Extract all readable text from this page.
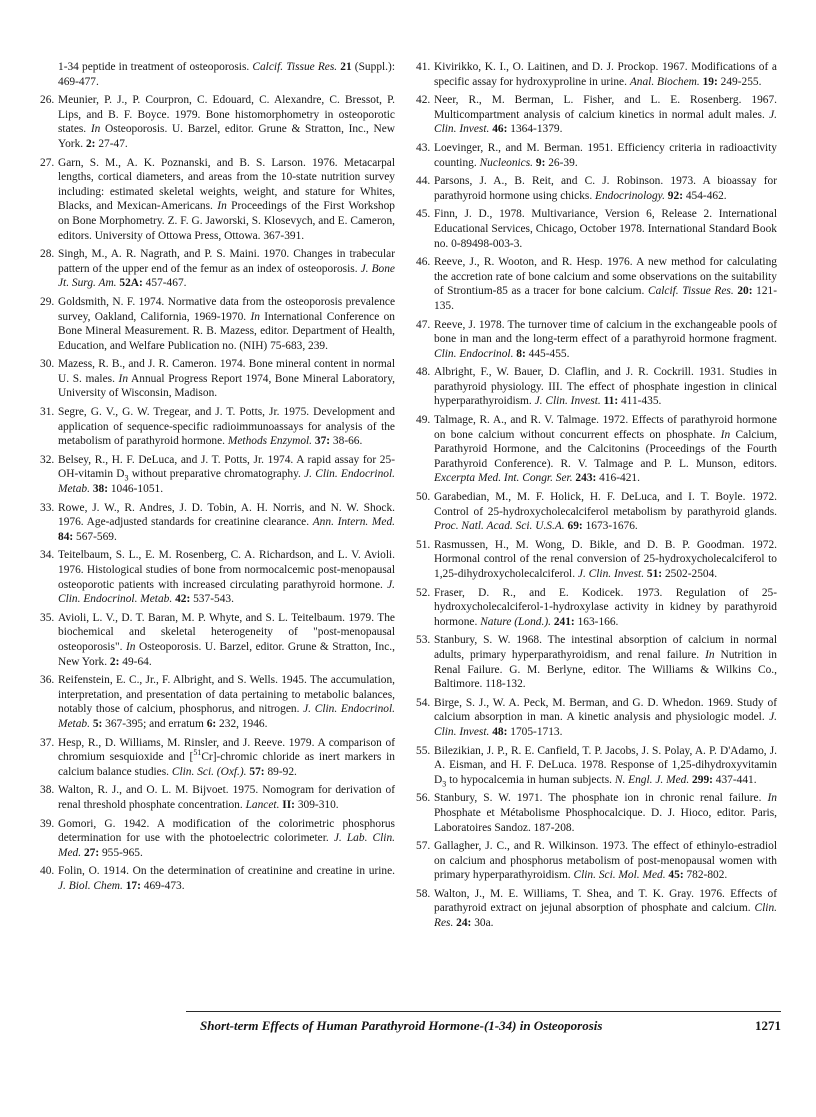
1-34 peptide in treatment of osteoporosis. Calcif. Tissue Res. 21 (Suppl.): 469-477.
26. Meunier, P. J., P. Courpron, C. Edouard, C. Alexandre, C. Bressot, P. Lips, and B. F. Boyce. 1979. Bone histomorphometry in osteoporotic states. In Osteoporosis. U. Barzel, editor. Grune & Stratton, Inc., New York. 2: 27-47.
27. Garn, S. M., A. K. Poznanski, and B. S. Larson. 1976. Metacarpal lengths, cortical diameters, and areas from the 10-state nutrition survey including: estimated skeletal weights, weight, and stature for Whites, Blacks, and Mexican-Americans. In Proceedings of the First Workshop on Bone Morphometry. Z. F. G. Jaworski, S. Klosevych, and E. Cameron, editors. University of Ottowa Press, Ottowa. 367-391.
28. Singh, M., A. R. Nagrath, and P. S. Maini. 1970. Changes in trabecular pattern of the upper end of the femur as an index of osteoporosis. J. Bone Jt. Surg. Am. 52A: 457-467.
29. Goldsmith, N. F. 1974. Normative data from the osteoporosis prevalence survey, Oakland, California, 1969-1970. In International Conference on Bone Mineral Measurement. R. B. Mazess, editor. Department of Health, Education, and Welfare Publication no. (NIH) 75-683, 239.
30. Mazess, R. B., and J. R. Cameron. 1974. Bone mineral content in normal U. S. males. In Annual Progress Report 1974, Bone Mineral Laboratory, University of Wisconsin, Madison.
31. Segre, G. V., G. W. Tregear, and J. T. Potts, Jr. 1975. Development and application of sequence-specific radioimmunoassays for analysis of the metabolism of parathyroid hormone. Methods Enzymol. 37: 38-66.
32. Belsey, R., H. F. DeLuca, and J. T. Potts, Jr. 1974. A rapid assay for 25-OH-vitamin $D_3$ without preparative chromatography. J. Clin. Endocrinol. Metab. 38: 1046-1051.
33. Rowe, J. W., R. Andres, J. D. Tobin, A. H. Norris, and N. W. Shock. 1976. Age-adjusted standards for creatinine clearance. Ann. Intern. Med. 84: 567-569.
34. Teitelbaum, S. L., E. M. Rosenberg, C. A. Richardson, and L. V. Avioli. 1976. Histological studies of bone from normocalcemic post-menopausal osteoporotic patients with increased circulating parathyroid hormone. J. Clin. Endocrinol. Metab. 42: 537-543.
35. Avioli, L. V., D. T. Baran, M. P. Whyte, and S. L. Teitelbaum. 1979. The biochemical and skeletal heterogeneity of "post-menopausal osteoporosis". In Osteoporosis. U. Barzel, editor. Grune & Stratton, Inc., New York. 2: 49-64.
36. Reifenstein, E. C., Jr., F. Albright, and S. Wells. 1945. The accumulation, interpretation, and presentation of data pertaining to metabolic balances, notably those of calcium, phosphorus, and nitrogen. J. Clin. Endocrinol. Metab. 5: 367-395; and erratum 6: 232, 1946.
37. Hesp, R., D. Williams, M. Rinsler, and J. Reeve. 1979. A comparison of chromium sesquioxide and [$^{51}$Cr]-chromic chloride as inert markers in calcium balance studies. Clin. Sci. (Oxf.). 57: 89-92.
38. Walton, R. J., and O. L. M. Bijvoet. 1975. Nomogram for derivation of renal threshold phosphate concentration. Lancet. II: 309-310.
39. Gomori, G. 1942. A modification of the colorimetric phosphorus determination for use with the photoelectric colorimeter. J. Lab. Clin. Med. 27: 955-965.
40. Folin, O. 1914. On the determination of creatinine and creatine in urine. J. Biol. Chem. 17: 469-473.
41. Kivirikko, K. I., O. Laitinen, and D. J. Prockop. 1967. Modifications of a specific assay for hydroxyproline in urine. Anal. Biochem. 19: 249-255.
42. Neer, R., M. Berman, L. Fisher, and L. E. Rosenberg. 1967. Multicompartment analysis of calcium kinetics in normal adult males. J. Clin. Invest. 46: 1364-1379.
43. Loevinger, R., and M. Berman. 1951. Efficiency criteria in radioactivity counting. Nucleonics. 9: 26-39.
44. Parsons, J. A., B. Reit, and C. J. Robinson. 1973. A bioassay for parathyroid hormone using chicks. Endocrinology. 92: 454-462.
45. Finn, J. D., 1978. Multivariance, Version 6, Release 2. International Educational Services, Chicago, October 1978. International Standard Book no. 0-89498-003-3.
46. Reeve, J., R. Wooton, and R. Hesp. 1976. A new method for calculating the accretion rate of bone calcium and some observations on the suitability of Strontium-85 as a tracer for bone calcium. Calcif. Tissue Res. 20: 121-135.
47. Reeve, J. 1978. The turnover time of calcium in the exchangeable pools of bone in man and the long-term effect of a parathyroid hormone fragment. Clin. Endocrinol. 8: 445-455.
48. Albright, F., W. Bauer, D. Claflin, and J. R. Cockrill. 1931. Studies in parathyroid physiology. III. The effect of phosphate ingestion in clinical hyperparathyroidism. J. Clin. Invest. 11: 411-435.
49. Talmage, R. A., and R. V. Talmage. 1972. Effects of parathyroid hormone on bone calcium without concurrent effects on phosphate. In Calcium, Parathyroid Hormone, and the Calcitonins (Proceedings of the Fourth Parathyroid Conference). R. V. Talmage and P. L. Munson, editors. Excerpta Med. Int. Congr. Ser. 243: 416-421.
50. Garabedian, M., M. F. Holick, H. F. DeLuca, and I. T. Boyle. 1972. Control of 25-hydroxycholecalciferol metabolism by parathyroid glands. Proc. Natl. Acad. Sci. U.S.A. 69: 1673-1676.
51. Rasmussen, H., M. Wong, D. Bikle, and D. B. P. Goodman. 1972. Hormonal control of the renal conversion of 25-hydroxycholecalciferol to 1,25-dihydroxycholecalciferol. J. Clin. Invest. 51: 2502-2504.
52. Fraser, D. R., and E. Kodicek. 1973. Regulation of 25-hydroxycholecalciferol-1-hydroxylase activity in kidney by parathyroid hormone. Nature (Lond.). 241: 163-166.
53. Stanbury, S. W. 1968. The intestinal absorption of calcium in normal adults, primary hyperparathyroidism, and renal failure. In Nutrition in Renal Failure. G. M. Berlyne, editor. The Williams & Wilkins Co., Baltimore. 118-132.
54. Birge, S. J., W. A. Peck, M. Berman, and G. D. Whedon. 1969. Study of calcium absorption in man. A kinetic analysis and physiologic model. J. Clin. Invest. 48: 1705-1713.
55. Bilezikian, J. P., R. E. Canfield, T. P. Jacobs, J. S. Polay, A. P. D'Adamo, J. A. Eisman, and H. F. DeLuca. 1978. Response of 1,25-dihydroxyvitamin $D_3$ to hypocalcemia in human subjects. N. Engl. J. Med. 299: 437-441.
56. Stanbury, S. W. 1971. The phosphate ion in chronic renal failure. In Phosphate et Métabolisme Phosphocalcique. D. J. Hioco, editor. Paris, Laboratoires Sandoz. 187-208.
57. Gallagher, J. C., and R. Wilkinson. 1973. The effect of ethinylo-estradiol on calcium and phosphorus metabolism of post-menopausal women with primary hyperparathyroidism. Clin. Sci. Mol. Med. 45: 782-802.
58. Walton, J., M. E. Williams, T. Shea, and T. K. Gray. 1976. Effects of parathyroid extract on jejunal absorption of phosphate and calcium. Clin. Res. 24: 30a.
Short-term Effects of Human Parathyroid Hormone-(1-34) in Osteoporosis	1271
